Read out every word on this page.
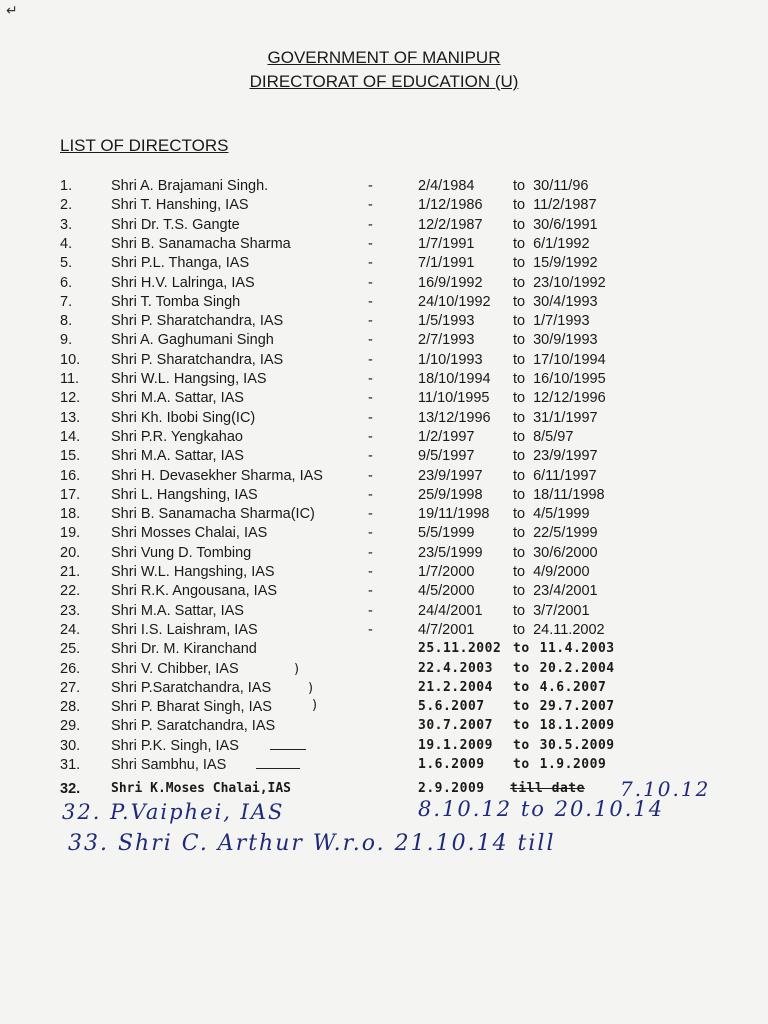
↵
GOVERNMENT OF MANIPUR
DIRECTORAT OF EDUCATION (U)
LIST OF DIRECTORS
1.	Shri A. Brajamani Singh.	2/4/1984	to 30/11/96
-
2.	Shri T. Hanshing, IAS	1/12/1986 to 11/2/1987
-
3.	Shri Dr. T.S. Gangte	12/2/1987 to 30/6/1991
-
4.	Shri B. Sanamacha Sharma	1/7/1991	to 6/1/1992
-
5.	Shri P.L. Thanga, IAS	7/1/1991	to 15/9/1992
-
6.	Shri H.V. Lalringa, IAS	16/9/1992 to 23/10/1992
-
7.	Shri T. Tomba Singh	24/10/1992 to 30/4/1993
-
8.	Shri P. Sharatchandra, IAS	1/5/1993	to 1/7/1993
-
9.	Shri A. Gaghumani Singh	2/7/1993	to 30/9/1993
-
10.	Shri P. Sharatchandra, IAS	1/10/1993 to 17/10/1994
-
11.	Shri W.L. Hangsing, IAS	18/10/1994 to 16/10/1995
-
12.	Shri M.A. Sattar, IAS	11/10/1995 to 12/12/1996
-
13.	Shri Kh. Ibobi Sing(IC)	13/12/1996 to 31/1/1997
-
14.	Shri P.R. Yengkahao	1/2/1997	to 8/5/97
-
15.	Shri M.A. Sattar, IAS	9/5/1997	to 23/9/1997
-
16.	Shri H. Devasekher Sharma, IAS	23/9/1997 to 6/11/1997
-
17.	Shri L. Hangshing, IAS	25/9/1998 to 18/11/1998
-
18.	Shri B. Sanamacha Sharma(IC)	19/11/1998 to 4/5/1999
-
19.	Shri Mosses Chalai, IAS	5/5/1999	to 22/5/1999
-
20.	Shri Vung D. Tombing	23/5/1999 to 30/6/2000
-
21.	Shri W.L. Hangshing, IAS	1/7/2000	to 4/9/2000
-
22.	Shri R.K. Angousana, IAS	4/5/2000	to 23/4/2001
-
23.	Shri M.A. Sattar, IAS	24/4/2001 to 3/7/2001
-
24.	Shri I.S. Laishram, IAS	4/7/2001	to 24.11.2002
-
25.	Shri Dr. M. Kiranchand	25.11.2002 to 11.4.2003
26.	Shri V. Chibber, IAS	22.4.2003 to 20.2.2004
27.	Shri P.Saratchandra, IAS	21.2.2004 to 4.6.2007
28.	Shri P. Bharat Singh, IAS	5.6.2007 to 29.7.2007
29.	Shri P. Saratchandra, IAS	30.7.2007 to 18.1.2009
30.	Shri P.K. Singh, IAS	19.1.2009 to 30.5.2009
31.	Shri Sambhu, IAS	1.6.2009 to 1.9.2009
32.	Shri K.Moses Chalai,IAS	2.9.2009 till date 7.10.12
32. P.Vaiphei, IAS	8.10.12 to 20.10.14
33. Shri C. Arthur W.r.o. 21.10.14 till
)
)
)
